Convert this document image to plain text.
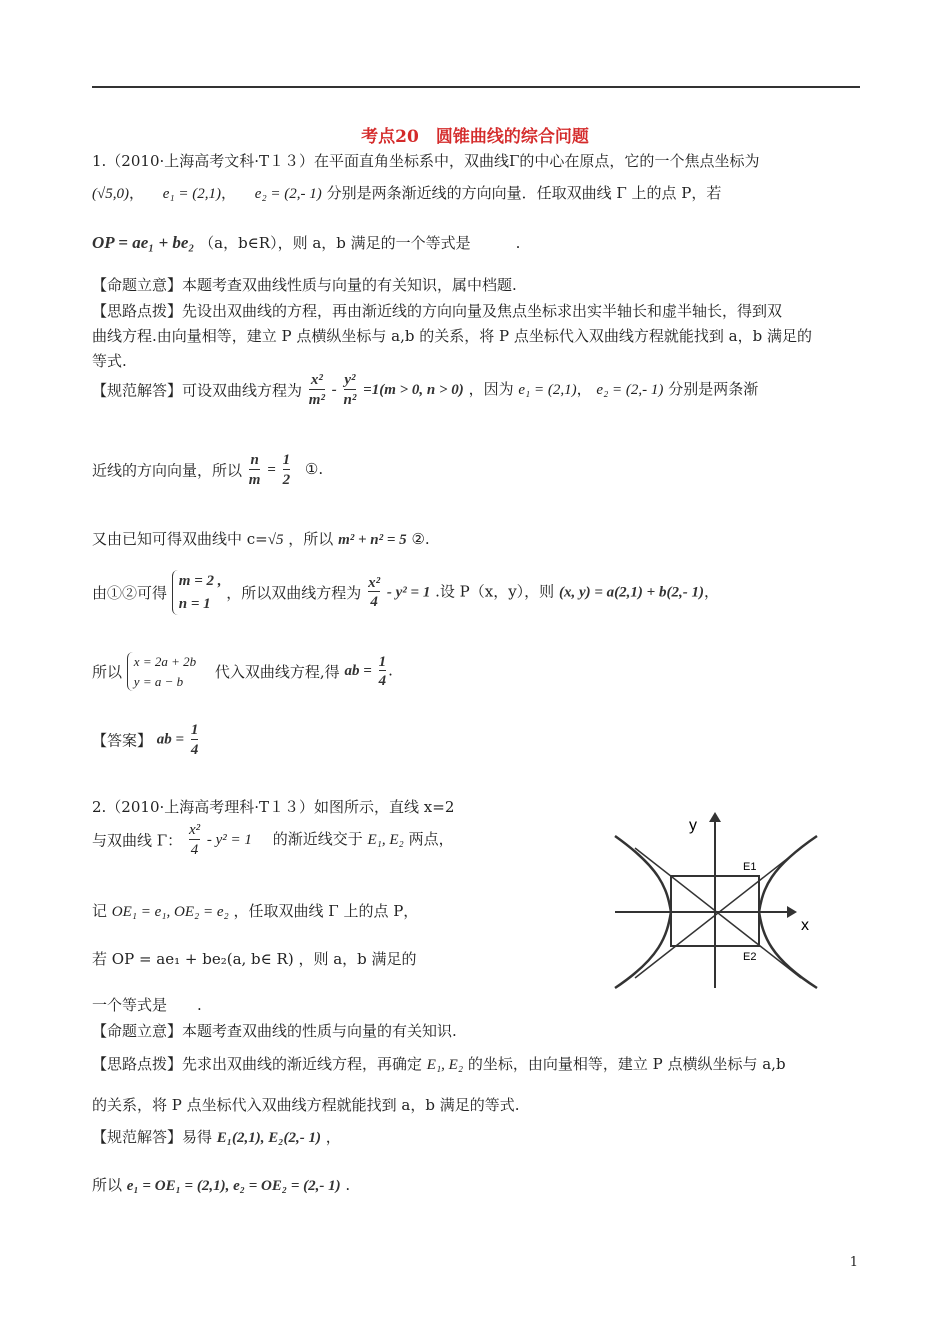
考点20　圆锥曲线的综合问题
1.（2010·上海高考文科·T１３）在平面直角坐标系中，双曲线Γ的中心在原点，它的一个焦点坐标为
(√5,0)， e₁ = (2,1)， e₂ = (2,- 1) 分别是两条渐近线的方向向量．任取双曲线 Γ 上的点 P，若
OP = ae₁ + be₂ （a，b∈R），则 a，b 满足的一个等式是　　　.
【命题立意】本题考查双曲线性质与向量的有关知识，属中档题.
【思路点拨】先设出双曲线的方程，再由渐近线的方向向量及焦点坐标求出实半轴长和虚半轴长，得到双
曲线方程.由向量相等，建立 P 点横纵坐标与 a,b 的关系，将 P 点坐标代入双曲线方程就能找到 a，b 满足的
等式.
【规范解答】可设双曲线方程为 $\frac{\text{x²}}{\text{m²}} - \frac{\text{y²}}{\text{n²}} =1(m > 0$, n > 0) ，因为 e₁ = (2,1)， e₂ = (2,- 1) 分别是两条渐
近线的方向向量，所以 $\frac{n}{m} = \frac{1}{2}$ ①.
又由已知可得双曲线中 c=√5 ，所以 m² + n² = 5 ②.
由①②可得 m = 2 ,
n = 1 ，所以双曲线方程为 $\frac{\text{x²}}{4} - y^2 = 1$ .设 P（x，y），则 (x, y) = a(2,1) + b(2,- 1)，
所以 x = 2a + 2b
y = a − b 代入双曲线方程,得 ab = $\frac{1}{4}$ .
【答案】 ab = $\frac{1}{4}$
2.（2010·上海高考理科·T１３）如图所示，直线 x=2
与双曲线 Γ： $\frac{\text{x²}}{4} - y^2 = 1$ 的渐近线交于 E₁, E₂ 两点，
记 OE₁ = e₁, OE₂ = e₂ ，任取双曲线 Γ 上的点 P，
若 OP = ae₁ + be₂(a, b∈ R) ，则 a，b 满足的
一个等式是　　.
【命题立意】本题考查双曲线的性质与向量的有关知识.
【思路点拨】先求出双曲线的渐近线方程，再确定 E₁, E₂ 的坐标，由向量相等，建立 P 点横纵坐标与 a,b
的关系，将 P 点坐标代入双曲线方程就能找到 a，b 满足的等式.
【规范解答】易得 E₁(2,1), E₂(2,- 1) ，
所以 e₁ = OE₁ = (2,1), e₂ = OE₂ = (2,- 1) .
y
x
E1
E2
1
